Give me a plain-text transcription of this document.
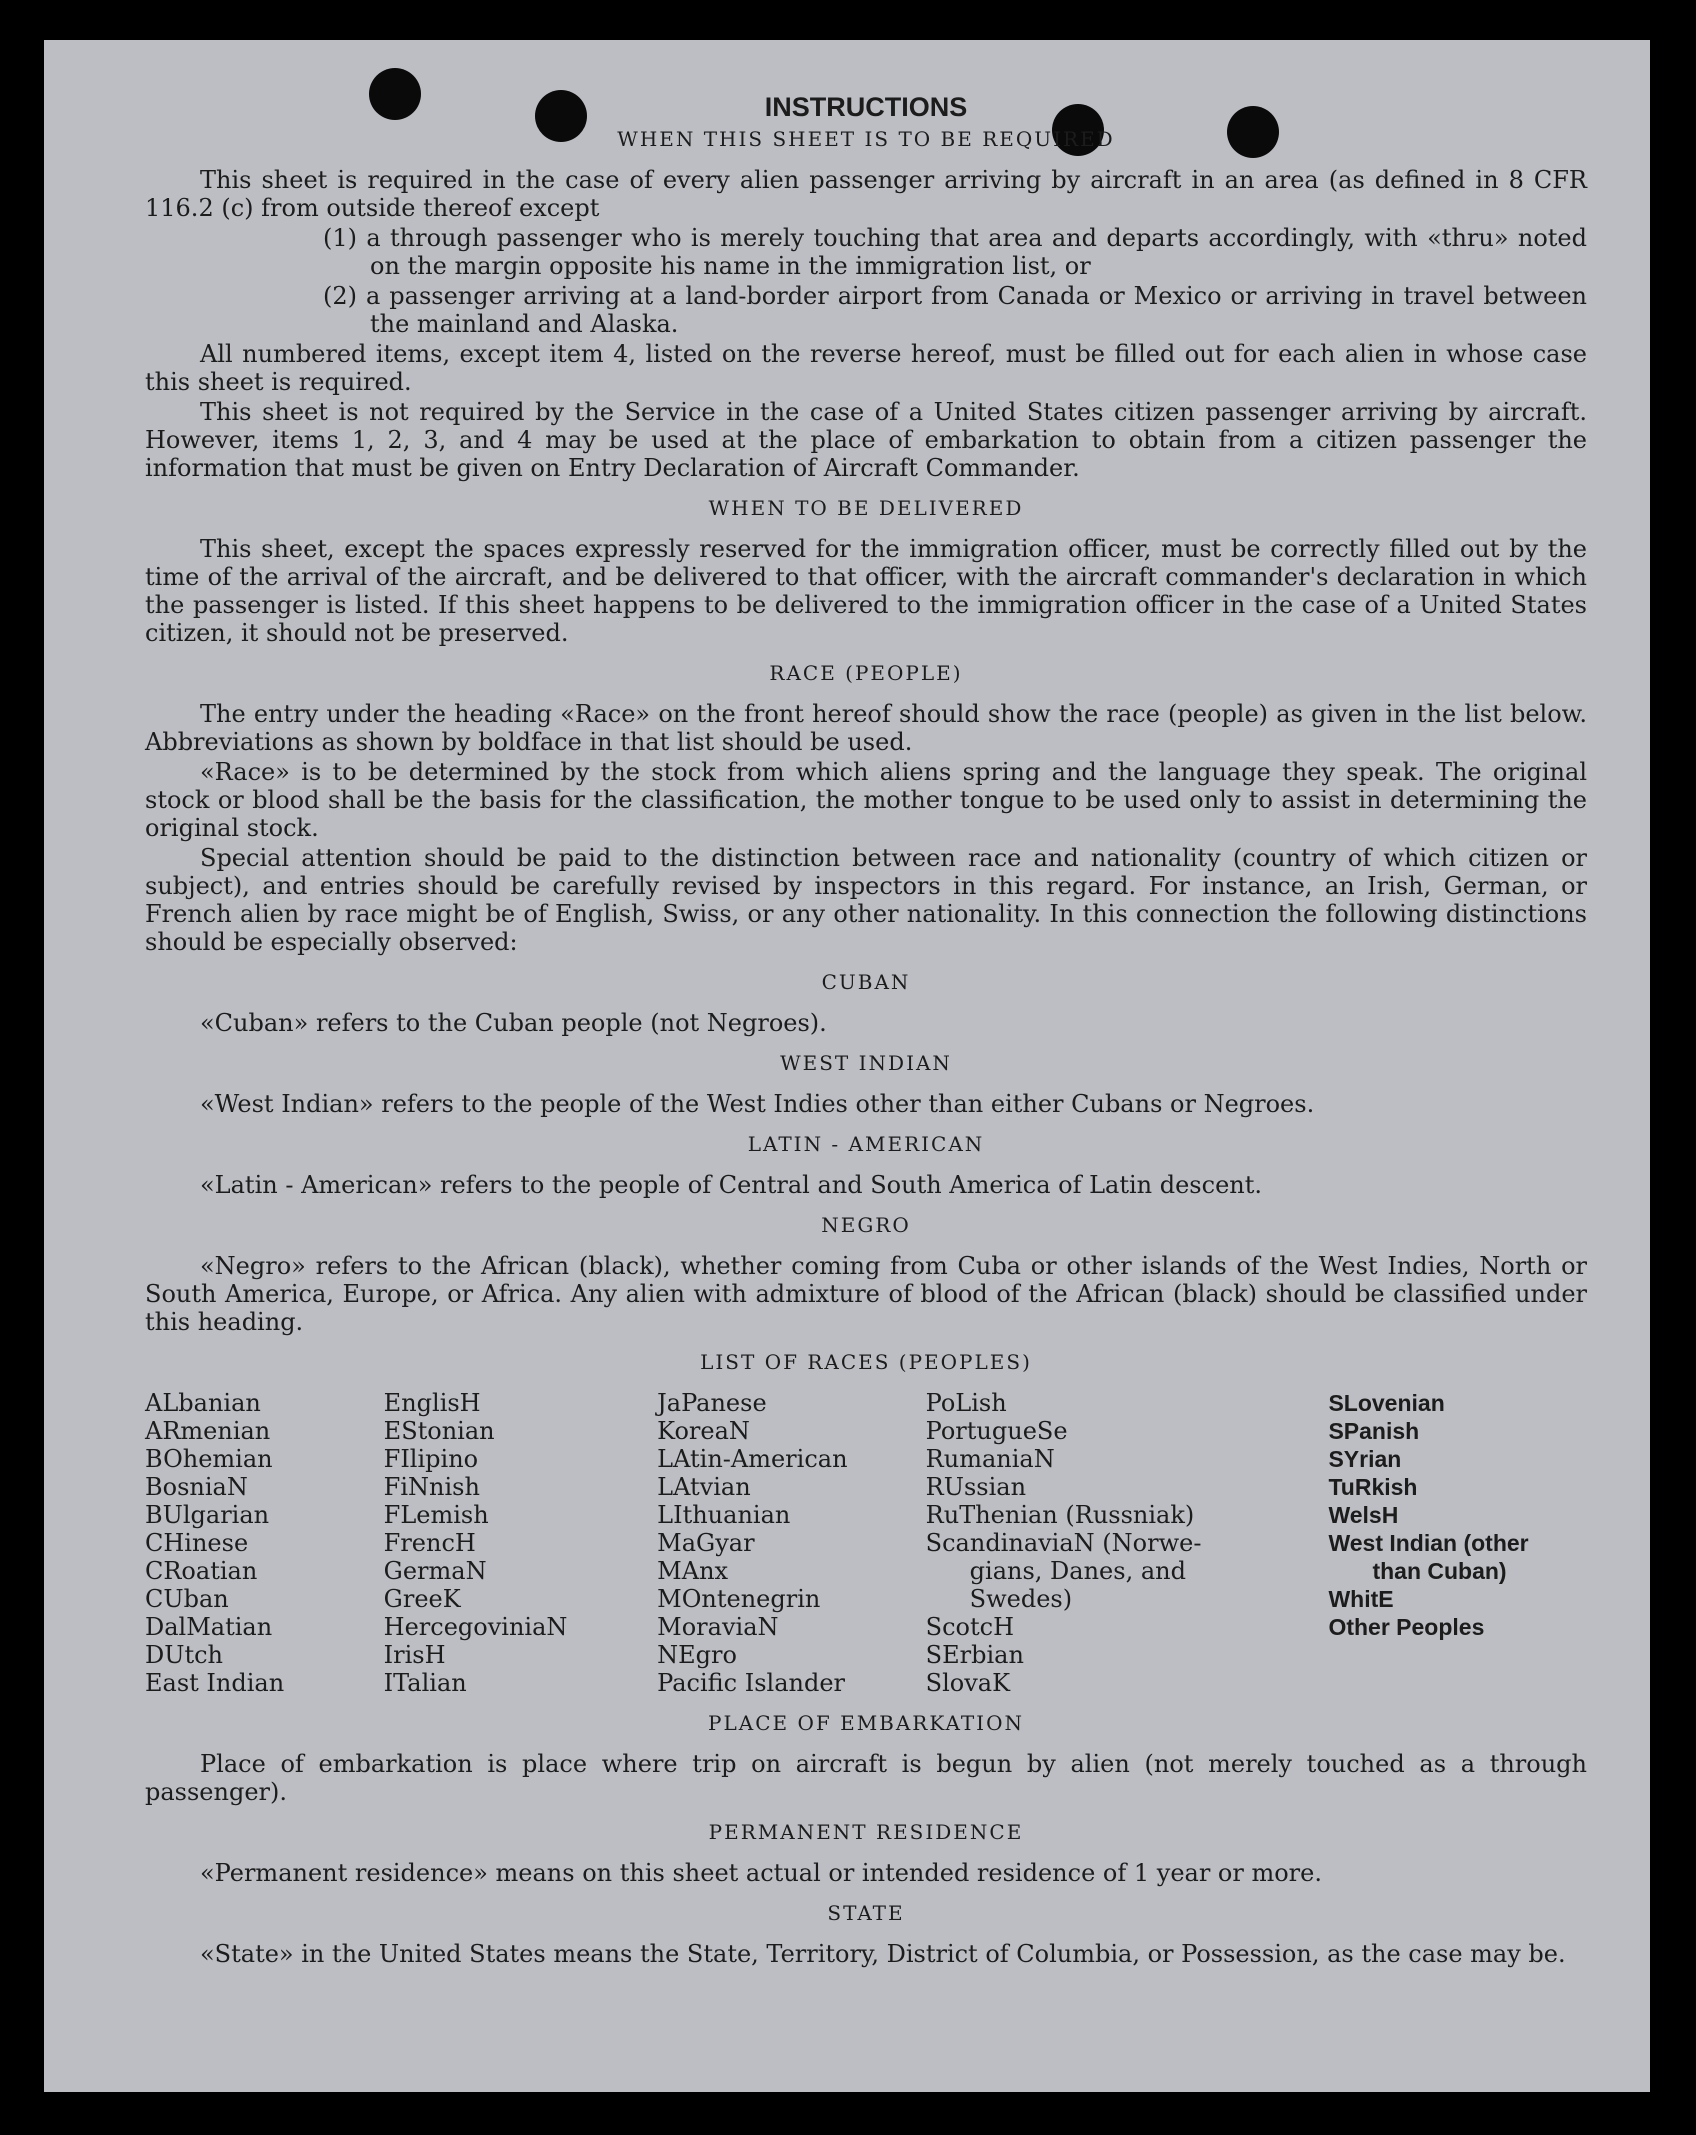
INSTRUCTIONS
WHEN THIS SHEET IS TO BE REQUIRED

This sheet is required in the case of every alien passenger arriving by aircraft in an area (as defined in 8 CFR 116.2 (c) from outside thereof except

(1) a through passenger who is merely touching that area and departs accordingly, with «thru» noted on the margin opposite his name in the immigration list, or
(2) a passenger arriving at a land-border airport from Canada or Mexico or arriving in travel between the mainland and Alaska.

All numbered items, except item 4, listed on the reverse hereof, must be filled out for each alien in whose case this sheet is required.

This sheet is not required by the Service in the case of a United States citizen passenger arriving by aircraft. However, items 1, 2, 3, and 4 may be used at the place of embarkation to obtain from a citizen passenger the information that must be given on Entry Declaration of Aircraft Commander.

WHEN TO BE DELIVERED

This sheet, except the spaces expressly reserved for the immigration officer, must be correctly filled out by the time of the arrival of the aircraft, and be delivered to that officer, with the aircraft commander's declaration in which the passenger is listed. If this sheet happens to be delivered to the immigration officer in the case of a United States citizen, it should not be preserved.

RACE (PEOPLE)

The entry under the heading «Race» on the front hereof should show the race (people) as given in the list below. Abbreviations as shown by boldface in that list should be used.

«Race» is to be determined by the stock from which aliens spring and the language they speak. The original stock or blood shall be the basis for the classification, the mother tongue to be used only to assist in determining the original stock.

Special attention should be paid to the distinction between race and nationality (country of which citizen or subject), and entries should be carefully revised by inspectors in this regard. For instance, an Irish, German, or French alien by race might be of English, Swiss, or any other nationality. In this connection the following distinctions should be especially observed:

CUBAN

«Cuban» refers to the Cuban people (not Negroes).

WEST INDIAN

«West Indian» refers to the people of the West Indies other than either Cubans or Negroes.

LATIN - AMERICAN

«Latin - American» refers to the people of Central and South America of Latin descent.

NEGRO

«Negro» refers to the African (black), whether coming from Cuba or other islands of the West Indies, North or South America, Europe, or Africa. Any alien with admixture of blood of the African (black) should be classified under this heading.

LIST OF RACES (PEOPLES)
ALbanian
ARmenian
BOhemian
BosniaN
BUlgarian
CHinese
CRoatian
CUban
DalMatian
DUtch
East Indian
EnglisH
EStonian
FIlipino
FiNnish
FLemish
FrencH
GermaN
GreeK
HercegoviniaN
IrisH
ITalian
JaPanese
KoreaN
LAtin-American
LAtvian
LIthuanian
MaGyar
MAnx
MOntenegrin
MoraviaN
NEgro
Pacific Islander
PoLish
PortugueSe
RumaniaN
RUssian
RuThenian (Russniak)
ScandinaviaN (Norwe-
gians, Danes, and
Swedes)
ScotcH
SErbian
SlovaK
SLovenian
SPanish
SYrian
TuRkish
WelsH
West Indian (other
than Cuban)
WhitE
Other Peoples
PLACE OF EMBARKATION

Place of embarkation is place where trip on aircraft is begun by alien (not merely touched as a through passenger).

PERMANENT RESIDENCE

«Permanent residence» means on this sheet actual or intended residence of 1 year or more.

STATE

«State» in the United States means the State, Territory, District of Columbia, or Possession, as the case may be.
